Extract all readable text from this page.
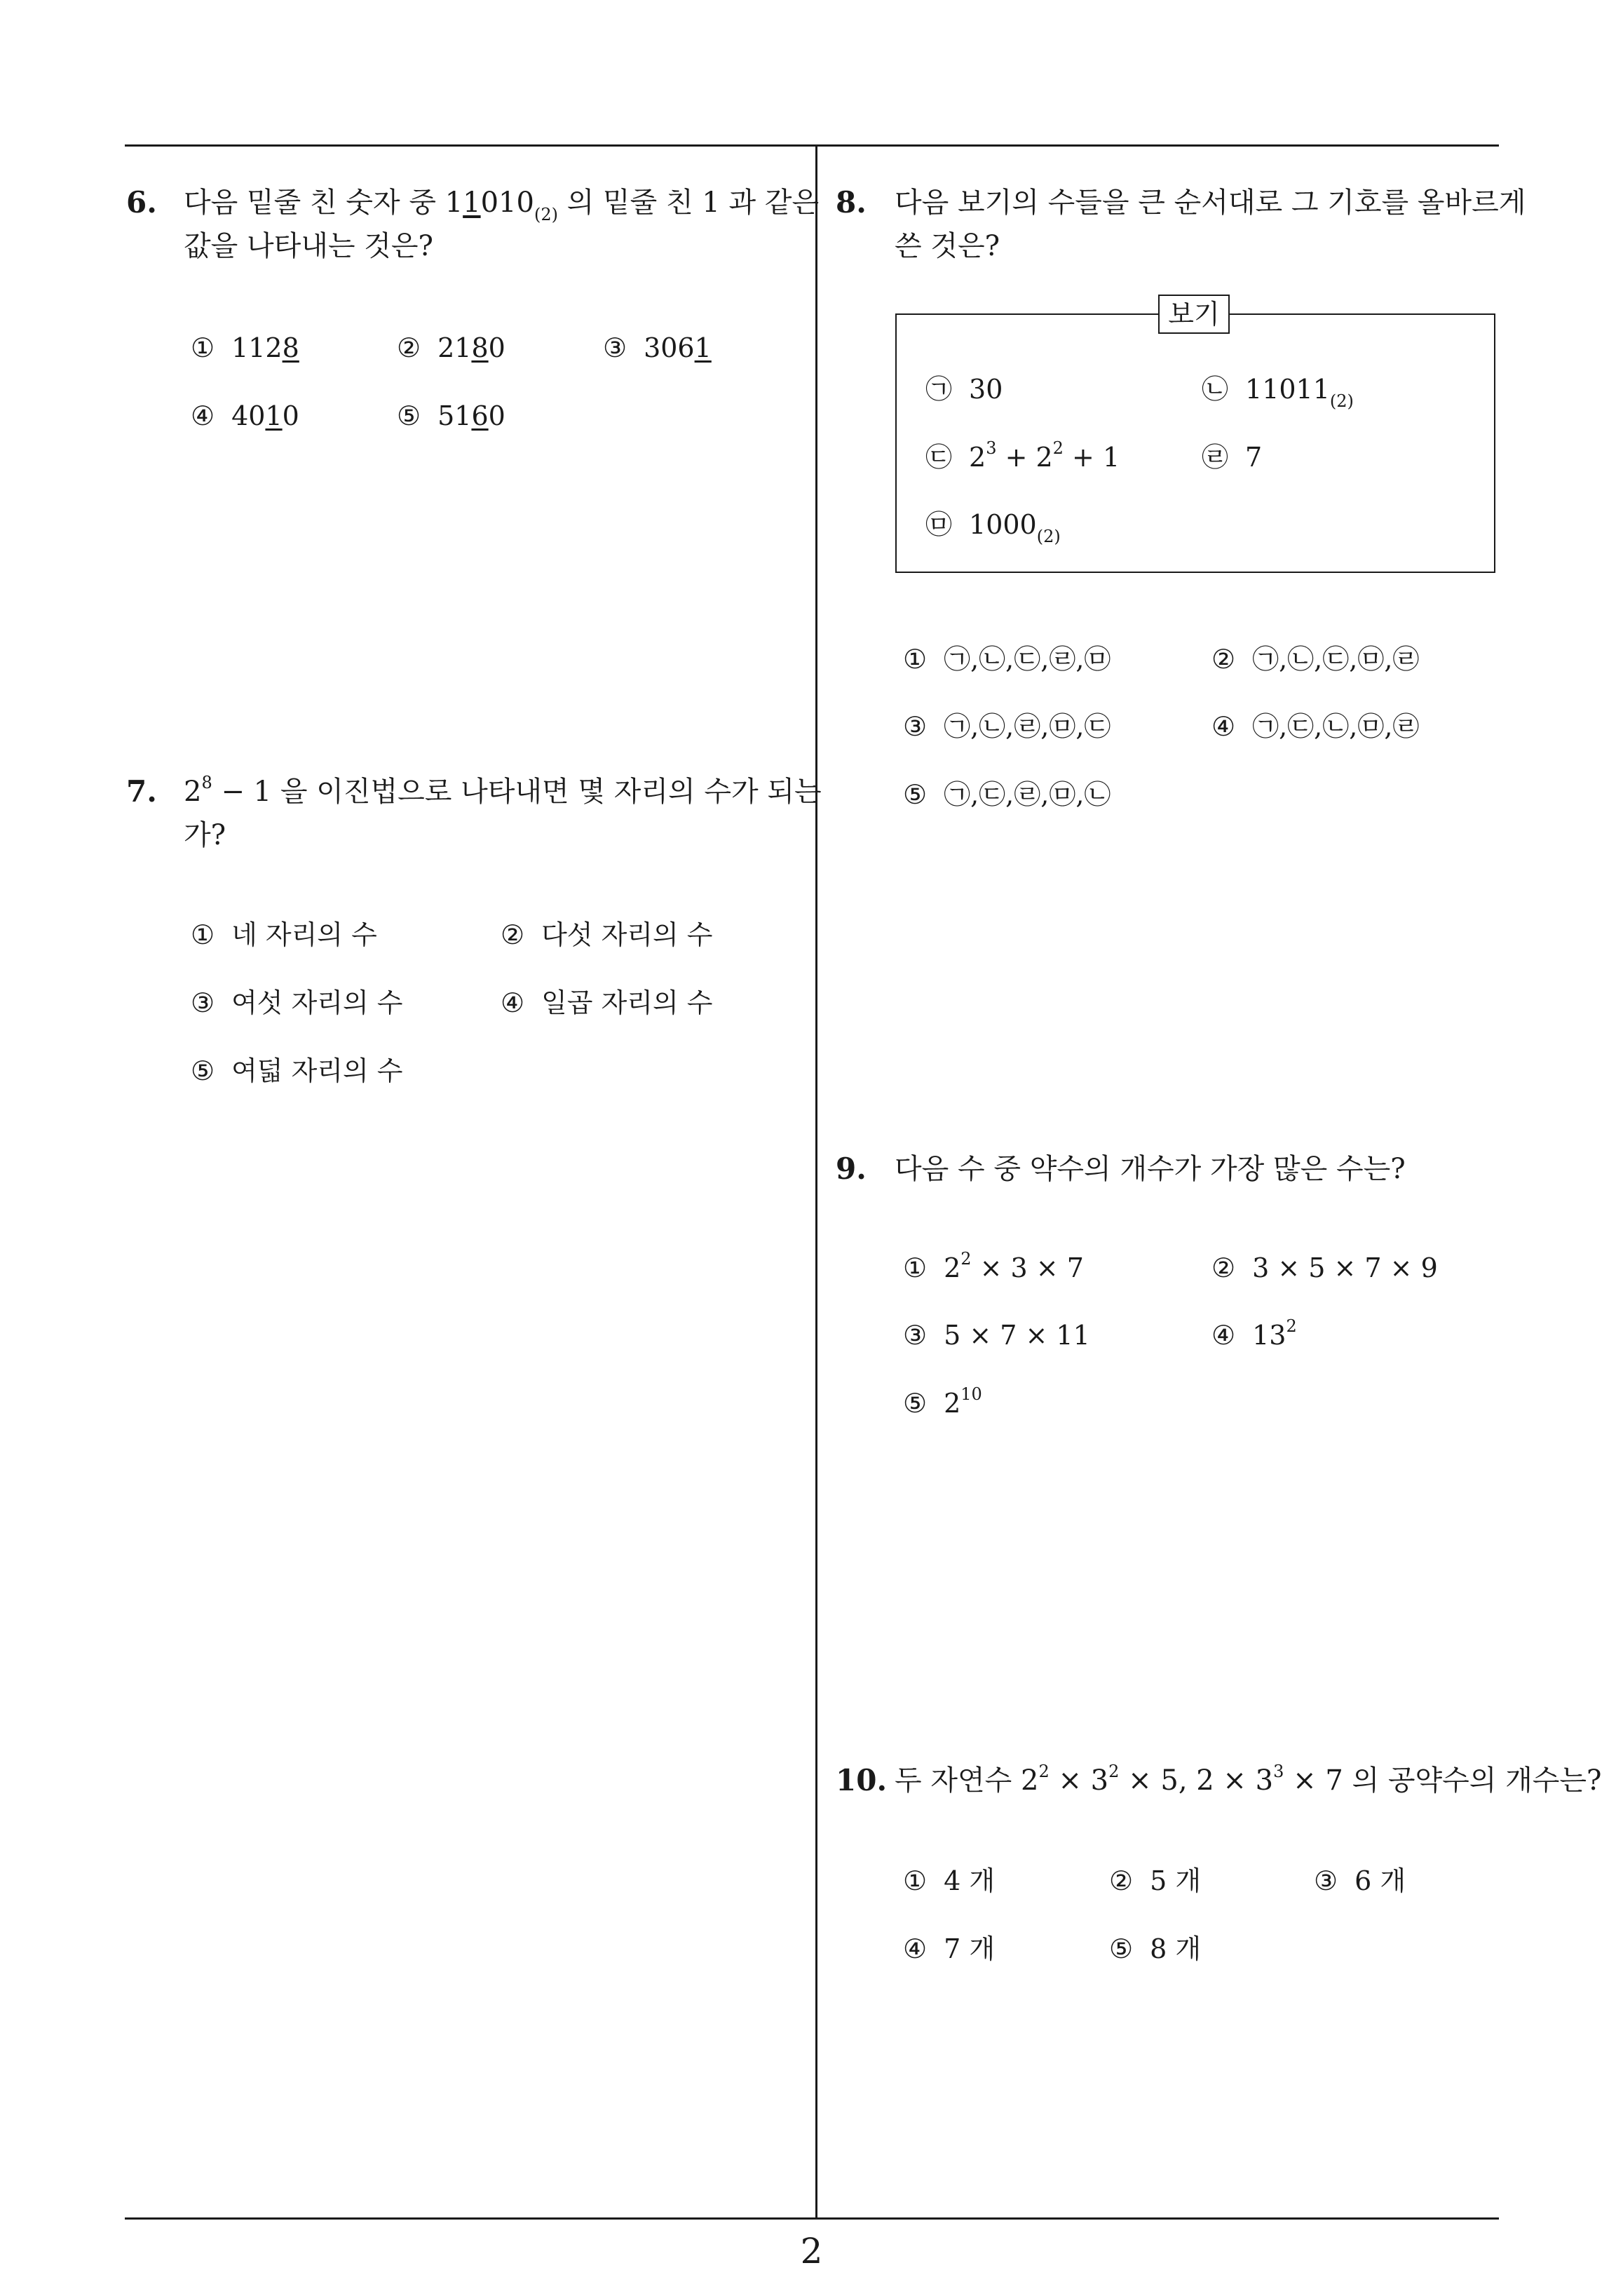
6. 다음 밑줄 친 숫자 중 $11010_{(2)}$ 의 밑줄 친 1 과 같은
값을 나타내는 것은?
① 1128	② 2180	③ 3061
④ 4010	⑤ 5160
7. $2^8 - 1$ 을 이진법으로 나타내면 몇 자리의 수가 되는
가?
① 네 자리의 수	② 다섯 자리의 수
③ 여섯 자리의 수	④ 일곱 자리의 수
⑤ 여덟 자리의 수
8. 다음 보기의 수들을 큰 순서대로 그 기호를 올바르게
쓴 것은?
보기
㉠ 30	㉡ $11011_{(2)}$
㉢ $2^3 + 2^2 + 1$	㉣ 7
㉤ $1000_{(2)}$
① ㉠,㉡,㉢,㉣,㉤	② ㉠,㉡,㉢,㉤,㉣
③ ㉠,㉡,㉣,㉤,㉢	④ ㉠,㉢,㉡,㉤,㉣
⑤ ㉠,㉢,㉣,㉤,㉡
9. 다음 수 중 약수의 개수가 가장 많은 수는?
① $2^2 \times 3 \times 7$	② 3 × 5 × 7 × 9
③ 5 × 7 × 11	④ $13^2$
⑤ $2^{10}$
10. 두 자연수 $2^2 \times 3^2 \times 5$, $2 \times 3^3 \times 7$ 의 공약수의 개수는?
① 4 개	② 5 개	③ 6 개
④ 7 개	⑤ 8 개
2
